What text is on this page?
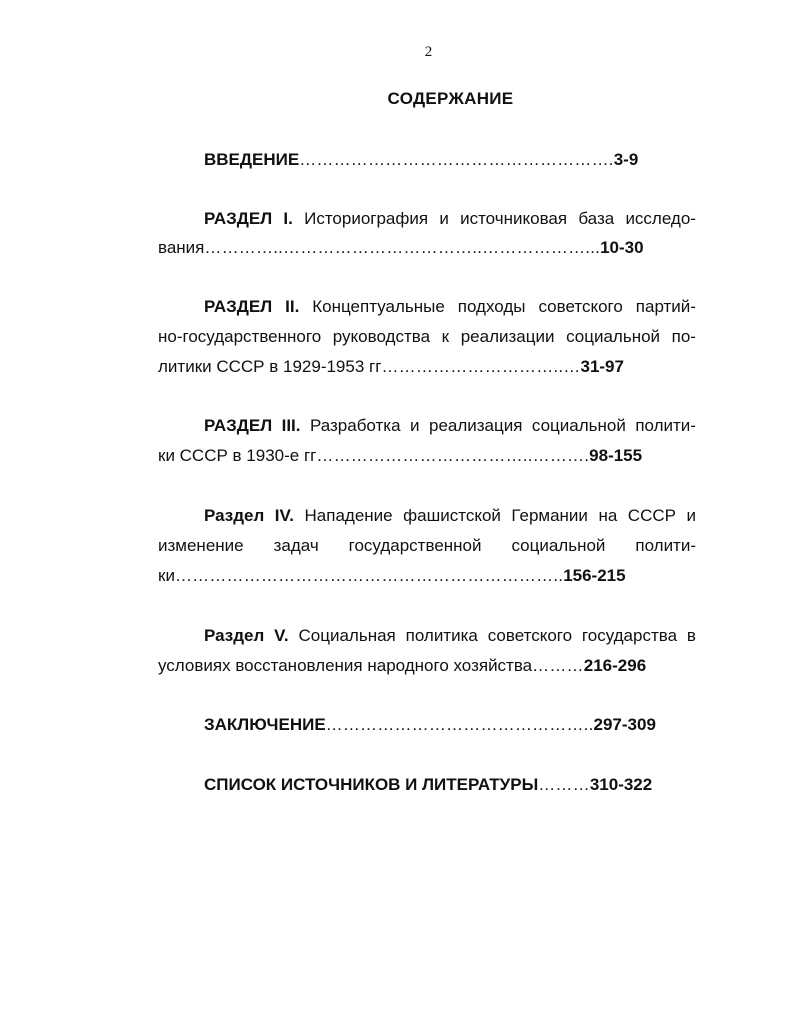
2
СОДЕРЖАНИЕ
ВВЕДЕНИЕ……………………………………………….3-9
РАЗДЕЛ I. Историография и источниковая база исследо-
вания…………..……………………………..………………...10-30
РАЗДЕЛ II. Концептуальные подходы советского партий-
но-государственного руководства к реализации социальной по-
литики СССР в 1929-1953 гг…………………………..…31-97
РАЗДЕЛ III. Разработка и реализация социальной полити-
ки СССР в 1930-е гг………………………………..……….98-155
Раздел IV. Нападение фашистской Германии на СССР и
изменение задач государственной социальной полити-
ки…………………………………………………………..156-215
Раздел V. Социальная политика советского государства в
условиях восстановления народного хозяйства………216-296
ЗАКЛЮЧЕНИЕ………………………………………..297-309
СПИСОК ИСТОЧНИКОВ И ЛИТЕРАТУРЫ………310-322
